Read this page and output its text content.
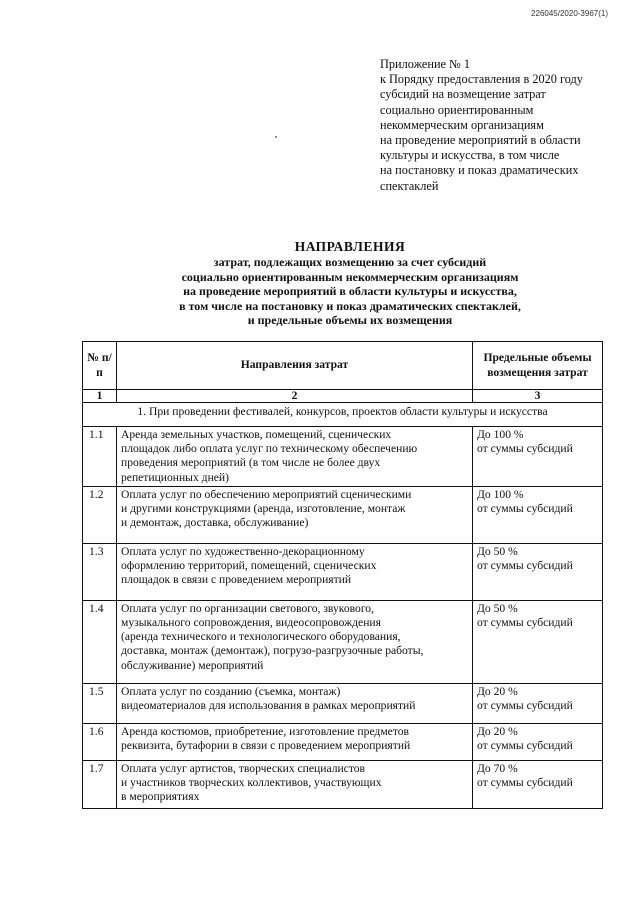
226045/2020-3967(1)
Приложение № 1
к Порядку предоставления в 2020 году
субсидий на возмещение затрат
социально ориентированным
некоммерческим организациям
на проведение мероприятий в области
культуры и искусства, в том числе
на постановку и показ драматических
спектаклей
НАПРАВЛЕНИЯ
затрат, подлежащих возмещению за счет субсидий
социально ориентированным некоммерческим организациям
на проведение мероприятий в области культуры и искусства,
в том числе на постановку и показ драматических спектаклей,
и предельные объемы их возмещения
№ п/п	Направления затрат	Предельные объемы возмещения затрат
1	2	3
1. При проведении фестивалей, конкурсов, проектов области культуры и искусства		
1.1	Аренда земельных участков, помещений, сценических
площадок либо оплата услуг по техническому обеспечению
проведения мероприятий (в том числе не более двух
репетиционных дней)	До 100 %
от суммы субсидий

1.2	Оплата услуг по обеспечению мероприятий сценическими
и другими конструкциями (аренда, изготовление, монтаж
и демонтаж, доставка, обслуживание)	До 100 %
от суммы субсидий

1.3	Оплата услуг по художественно-декорационному
оформлению территорий, помещений, сценических
площадок в связи с проведением мероприятий	До 50 %
от суммы субсидий

1.4	Оплата услуг по организации светового, звукового,
музыкального сопровождения, видеосопровождения
(аренда технического и технологического оборудования,
доставка, монтаж (демонтаж), погрузо-разгрузочные работы,
обслуживание) мероприятий	До 50 %
от суммы субсидий

1.5	Оплата услуг по созданию (съемка, монтаж)
видеоматериалов для использования в рамках мероприятий	До 20 %
от суммы субсидий

1.6	Аренда костюмов, приобретение, изготовление предметов
реквизита, бутафории в связи с проведением мероприятий	До 20 %
от суммы субсидий

1.7	Оплата услуг артистов, творческих специалистов
и участников творческих коллективов, участвующих
в мероприятиях	До 70 %
от суммы субсидий
